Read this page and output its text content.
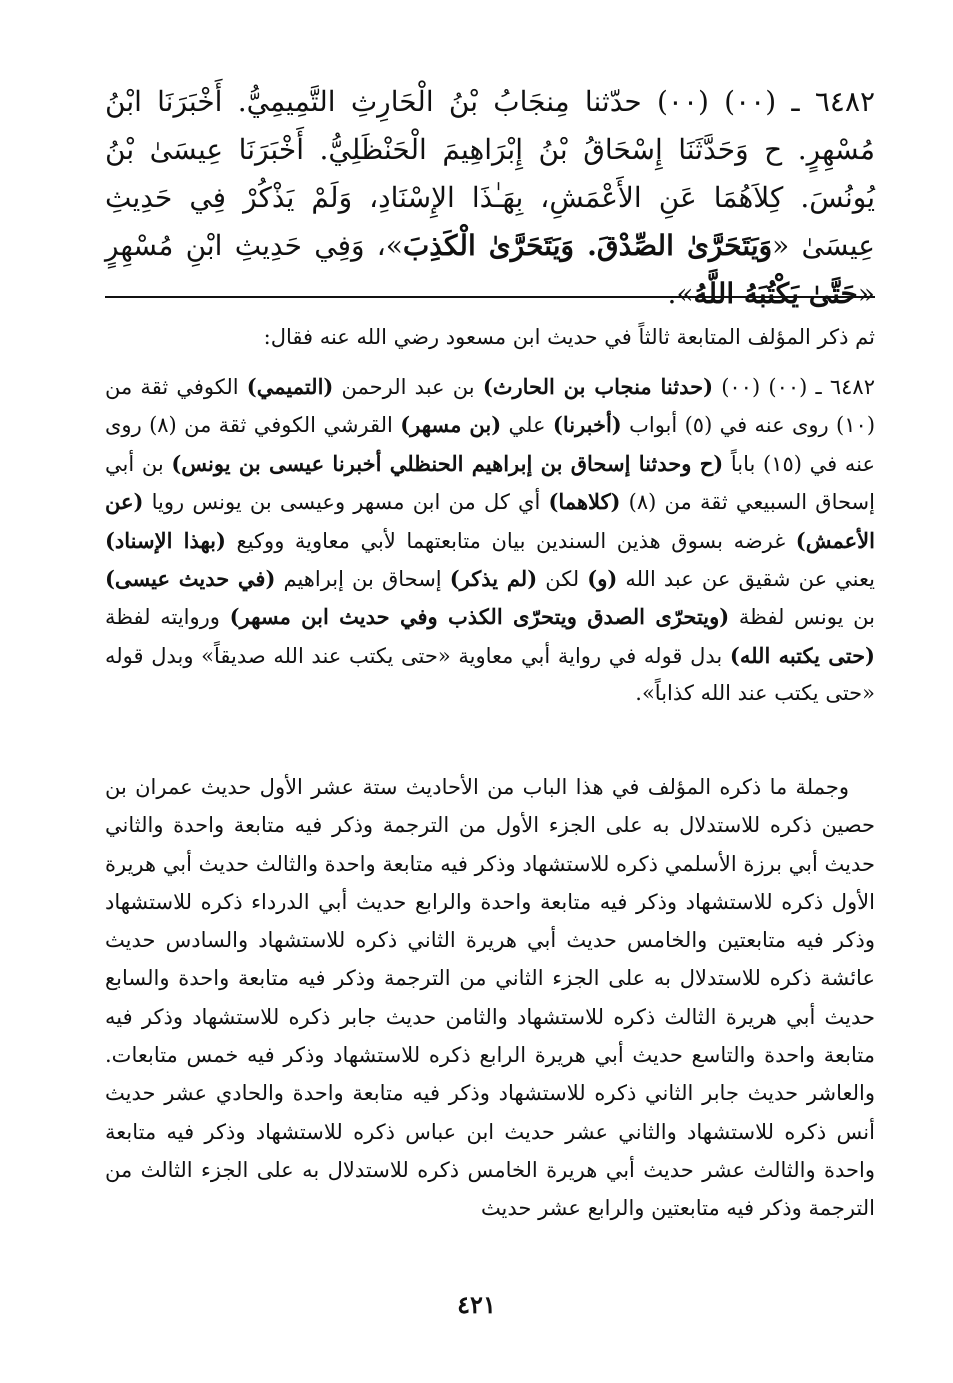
٦٤٨٢ ـ (٠٠) (٠٠) حدّثنا مِنجَابُ بْنُ الْحَارِثِ التَّمِيمِيُّ. أَخْبَرَنَا ابْنُ مُسْهِرٍ. ح وَحَدَّثَنَا إِسْحَاقُ بْنُ إِبْرَاهِيمَ الْحَنْظَلِيُّ. أَخْبَرَنَا عِيسَىٰ بْنُ يُونُسَ. كِلاَهُمَا عَنِ الأَعْمَشِ، بِهَـٰذَا الإِسْنَادِ، وَلَمْ يَذْكُرْ فِي حَدِيثِ عِيسَىٰ «وَيَتَحَرَّىٰ الصِّدْقَ. وَيَتَحَرَّىٰ الْكَذِبَ»، وَفِي حَدِيثِ ابْنِ مُسْهِرٍ «حَتَّىٰ يَكْتُبَهُ اللَّهُ».
ثم ذكر المؤلف المتابعة ثالثاً في حديث ابن مسعود رضي الله عنه فقال:
٦٤٨٢ ـ (٠٠) (٠٠) (حدثنا منجاب بن الحارث) بن عبد الرحمن (التميمي) الكوفي ثقة من (١٠) روى عنه في (٥) أبواب (أخبرنا) علي (بن مسهر) القرشي الكوفي ثقة من (٨) روى عنه في (١٥) باباً (ح وحدثنا إسحاق بن إبراهيم الحنظلي أخبرنا عيسى بن يونس) بن أبي إسحاق السبيعي ثقة من (٨) (كلاهما) أي كل من ابن مسهر وعيسى بن يونس رويا (عن الأعمش) غرضه بسوق هذين السندين بيان متابعتهما لأبي معاوية ووكيع (بهذا الإسناد) يعني عن شقيق عن عبد الله (و) لكن (لم يذكر) إسحاق بن إبراهيم (في حديث عيسى) بن يونس لفظة (ويتحرّى الصدق ويتحرّى الكذب وفي حديث ابن مسهر) وروايته لفظة (حتى يكتبه الله) بدل قوله في رواية أبي معاوية «حتى يكتب عند الله صديقاً» وبدل قوله «حتى يكتب عند الله كذاباً».
وجملة ما ذكره المؤلف في هذا الباب من الأحاديث ستة عشر الأول حديث عمران بن حصين ذكره للاستدلال به على الجزء الأول من الترجمة وذكر فيه متابعة واحدة والثاني حديث أبي برزة الأسلمي ذكره للاستشهاد وذكر فيه متابعة واحدة والثالث حديث أبي هريرة الأول ذكره للاستشهاد وذكر فيه متابعة واحدة والرابع حديث أبي الدرداء ذكره للاستشهاد وذكر فيه متابعتين والخامس حديث أبي هريرة الثاني ذكره للاستشهاد والسادس حديث عائشة ذكره للاستدلال به على الجزء الثاني من الترجمة وذكر فيه متابعة واحدة والسابع حديث أبي هريرة الثالث ذكره للاستشهاد والثامن حديث جابر ذكره للاستشهاد وذكر فيه متابعة واحدة والتاسع حديث أبي هريرة الرابع ذكره للاستشهاد وذكر فيه خمس متابعات. والعاشر حديث جابر الثاني ذكره للاستشهاد وذكر فيه متابعة واحدة والحادي عشر حديث أنس ذكره للاستشهاد والثاني عشر حديث ابن عباس ذكره للاستشهاد وذكر فيه متابعة واحدة والثالث عشر حديث أبي هريرة الخامس ذكره للاستدلال به على الجزء الثالث من الترجمة وذكر فيه متابعتين والرابع عشر حديث
٤٢١
